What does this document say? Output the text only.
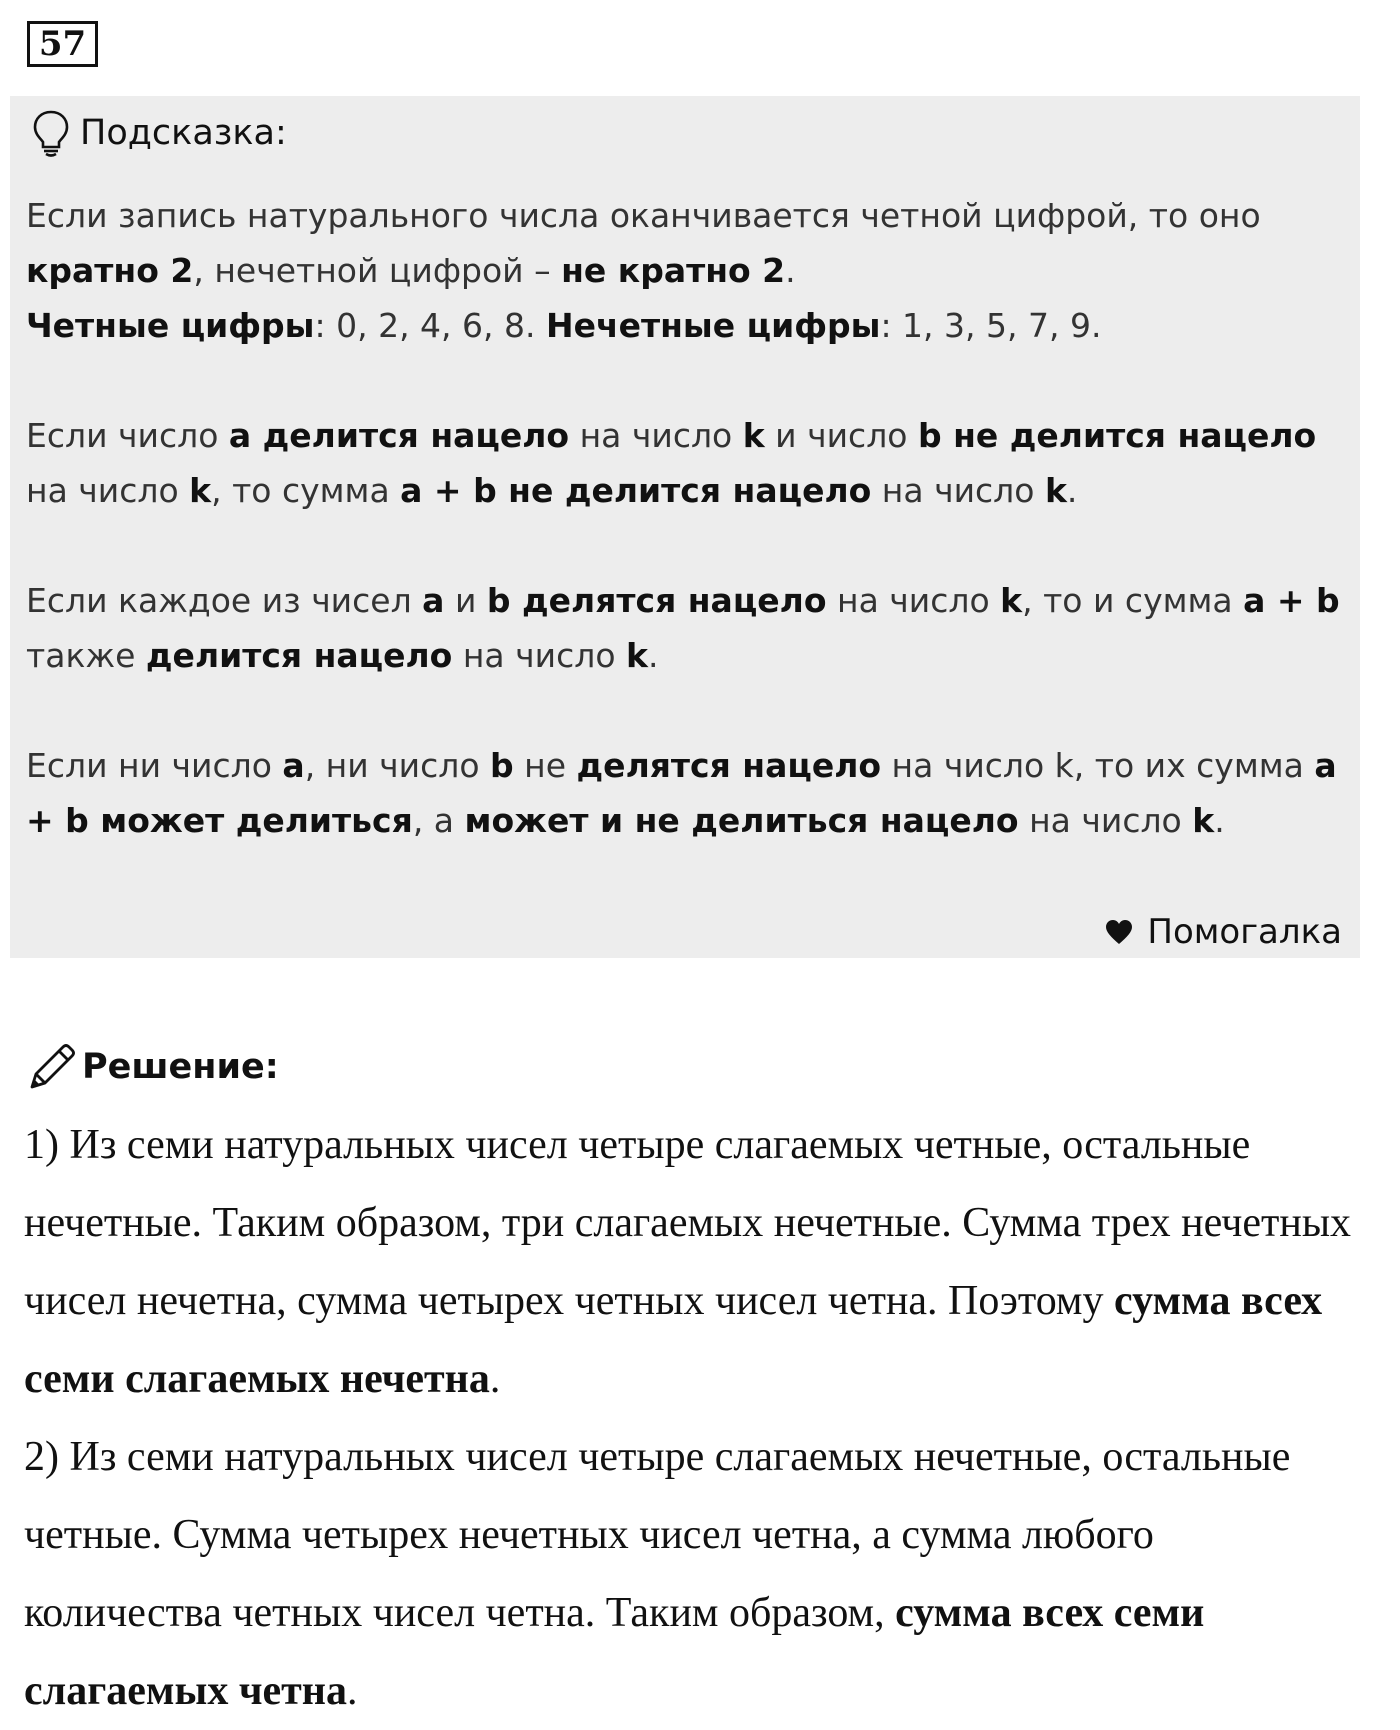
57
Подсказка:

Если запись натурального числа оканчивается четной цифрой, то оно кратно 2, нечетной цифрой – не кратно 2.
Четные цифры: 0, 2, 4, 6, 8. Нечетные цифры: 1, 3, 5, 7, 9.

Если число a делится нацело на число k и число b не делится нацело на число k, то сумма a + b не делится нацело на число k.

Если каждое из чисел a и b делятся нацело на число k, то и сумма a + b также делится нацело на число k.

Если ни число a, ни число b не делятся нацело на число k, то их сумма a + b может делиться, а может и не делиться нацело на число k.

Помогалка
Решение:

1) Из семи натуральных чисел четыре слагаемых четные, остальные нечетные. Таким образом, три слагаемых нечетные. Сумма трех нечетных чисел нечетна, сумма четырех четных чисел четна. Поэтому сумма всех семи слагаемых нечетна.

2) Из семи натуральных чисел четыре слагаемых нечетные, остальные четные. Сумма четырех нечетных чисел четна, а сумма любого количества четных чисел четна. Таким образом, сумма всех семи слагаемых четна.
